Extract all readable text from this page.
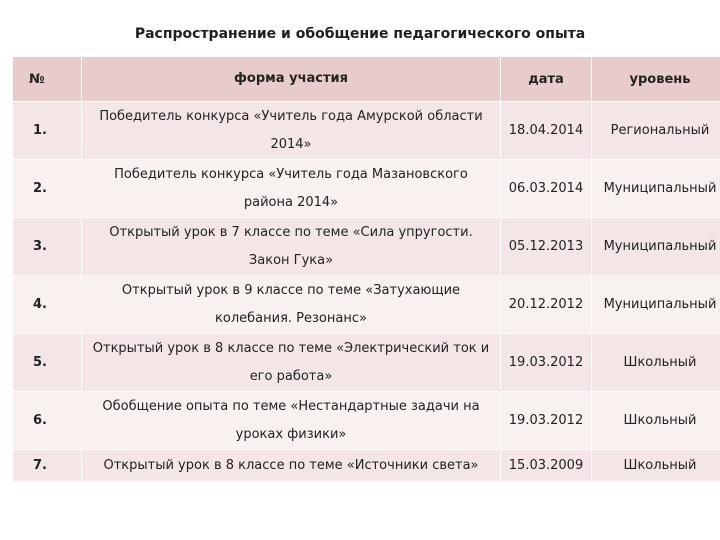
Распространение и обобщение педагогического опыта
№	форма участия	дата	уровень
1.	Победитель конкурса «Учитель года Амурской области 2014»	18.04.2014	Региональный
2.	Победитель конкурса «Учитель года Мазановского района 2014»	06.03.2014	Муниципальный
3.	Открытый урок в 7 классе по теме «Сила упругости. Закон Гука»	05.12.2013	Муниципальный
4.	Открытый урок в 9 классе по теме «Затухающие колебания. Резонанс»	20.12.2012	Муниципальный
5.	Открытый урок в 8 классе по теме «Электрический ток и его работа»	19.03.2012	Школьный
6.	Обобщение опыта по теме «Нестандартные задачи на уроках физики»	19.03.2012	Школьный
7.	Открытый урок в 8 классе по теме «Источники света»	15.03.2009	Школьный
